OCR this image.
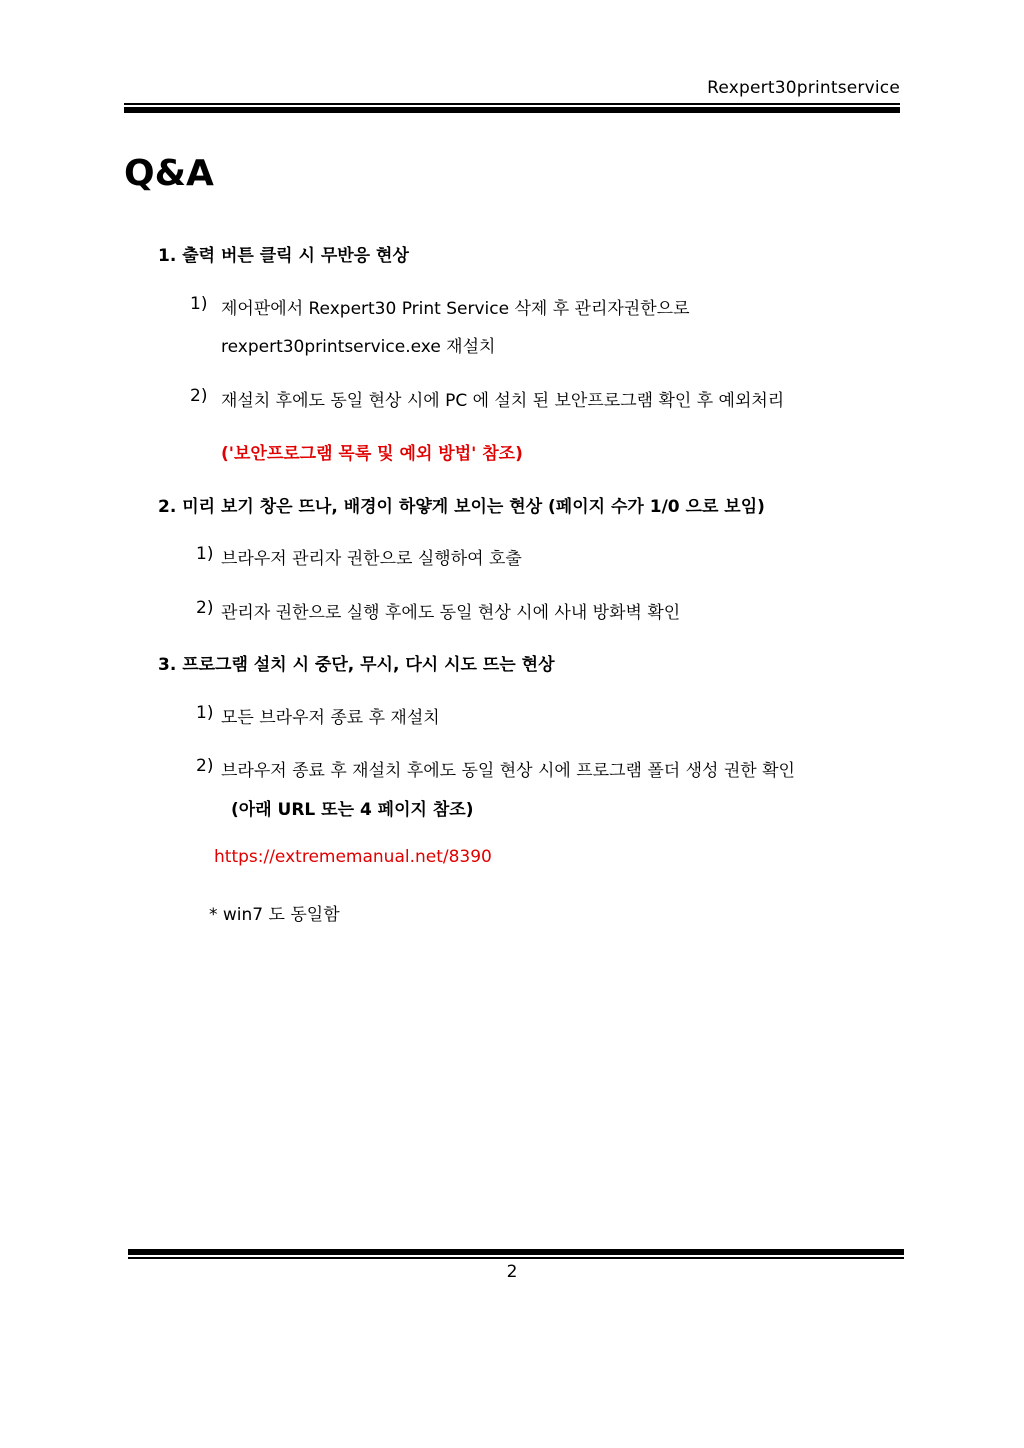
Rexpert30printservice
Q&A

1. 출력 버튼 클릭 시 무반응 현상

1) 제어판에서 Rexpert30 Print Service 삭제 후 관리자권한으로

rexpert30printservice.exe 재설치

2) 재설치 후에도 동일 현상 시에 PC 에 설치 된 보안프로그램 확인 후 예외처리

('보안프로그램 목록 및 예외 방법' 참조)

2. 미리 보기 창은 뜨나, 배경이 하얗게 보이는 현상 (페이지 수가 1/0 으로 보임)

1) 브라우저 관리자 권한으로 실행하여 호출

2) 관리자 권한으로 실행 후에도 동일 현상 시에 사내 방화벽 확인

3. 프로그램 설치 시 중단, 무시, 다시 시도 뜨는 현상

1) 모든 브라우저 종료 후 재설치

2) 브라우저 종료 후 재설치 후에도 동일 현상 시에 프로그램 폴더 생성 권한 확인

(아래 URL 또는 4 페이지 참조)

https://extrememanual.net/8390

* win7 도 동일함

2
